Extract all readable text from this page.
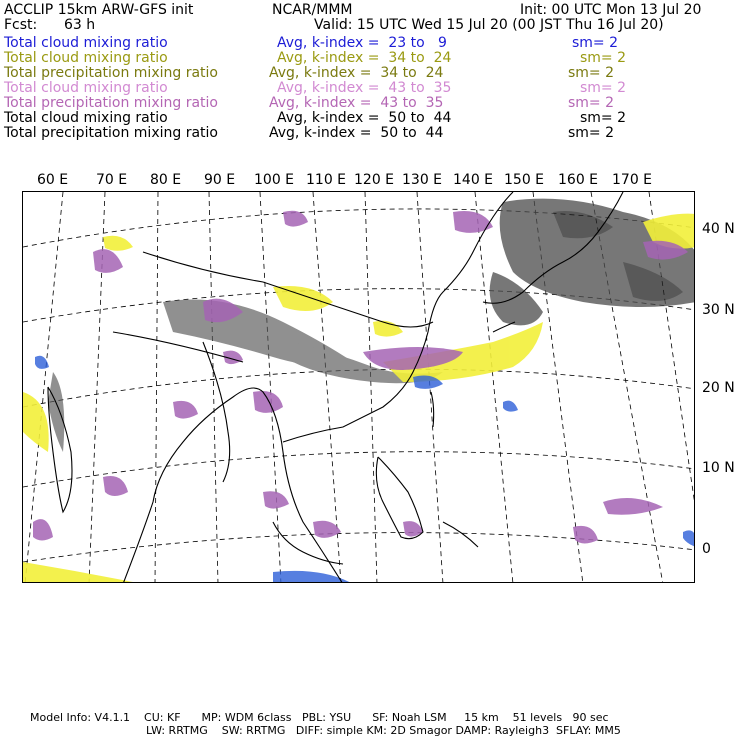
ACCLIP 15km ARW-GFS init	NCAR/MMM	Init: 00 UTC Mon 13 Jul 20
Fcst: 63 h	Valid: 15 UTC Wed 15 Jul 20 (00 JST Thu 16 Jul 20)
Total cloud mixing ratio	Avg, k-index =  23 to   9	sm= 2
Total cloud mixing ratio	Avg, k-index =  34 to  24	sm= 2
Total precipitation mixing ratio	Avg, k-index =  34 to  24	sm= 2
Total cloud mixing ratio	Avg, k-index =  43 to  35	sm= 2
Total precipitation mixing ratio	Avg, k-index =  43 to  35	sm= 2
Total cloud mixing ratio	Avg, k-index =  50 to  44	sm= 2
Total precipitation mixing ratio	Avg, k-index =  50 to  44	sm= 2
60 E 70 E 80 E 90 E 100 E 110 E 120 E 130 E 140 E 150 E 160 E 170 E
40 N
30 N
20 N
10 N
0
Model Info: V4.1.1    CU: KF      MP: WDM 6class   PBL: YSU      SF: Noah LSM     15 km    51 levels   90 sec
LW: RRTMG    SW: RRTMG   DIFF: simple KM: 2D Smagor DAMP: Rayleigh3  SFLAY: MM5
